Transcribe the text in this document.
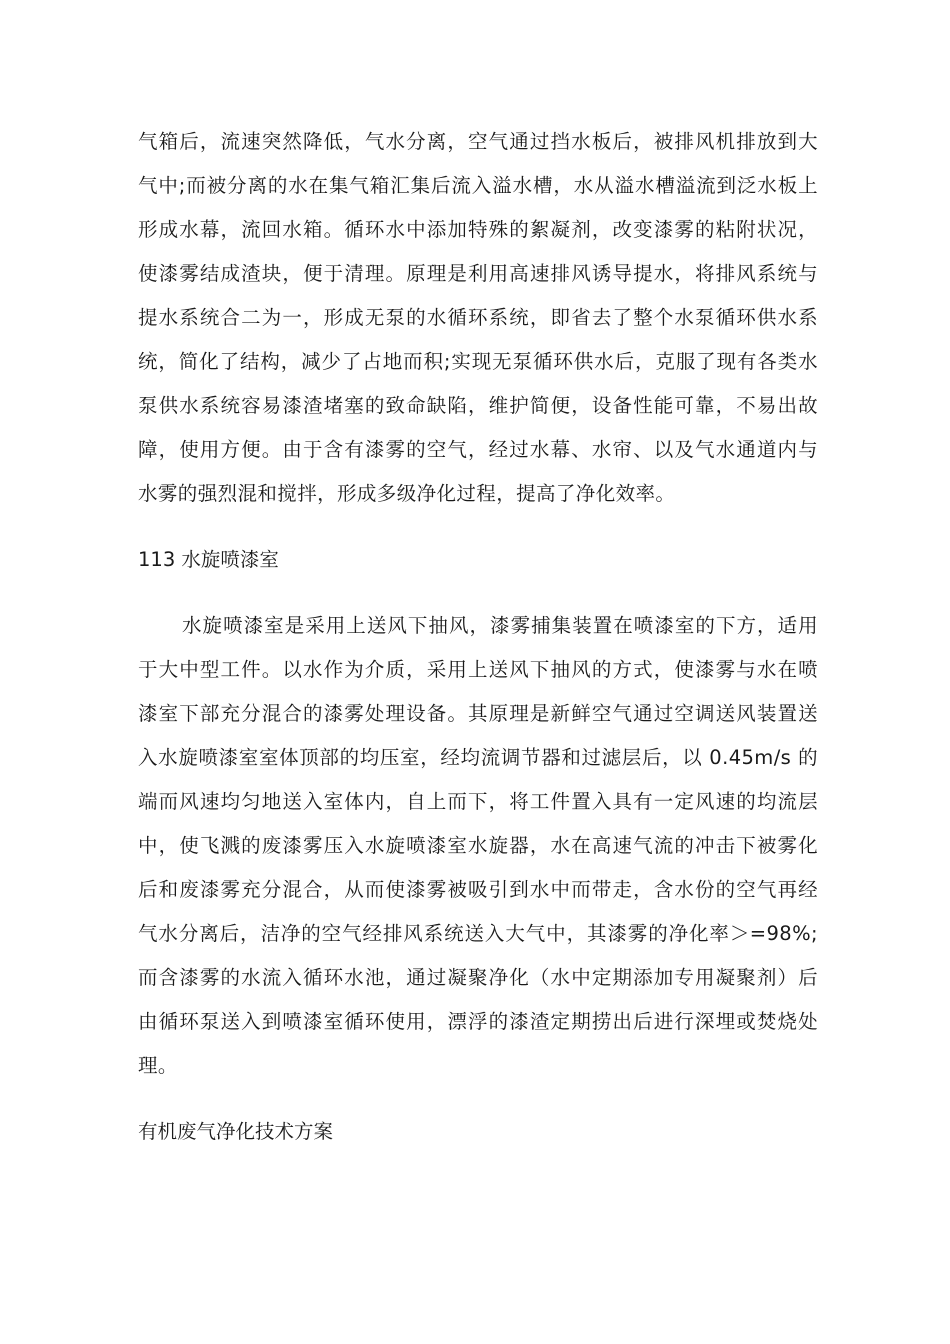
气箱后，流速突然降低，气水分离，空气通过挡水板后，被排风机排放到大
气中;而被分离的水在集气箱汇集后流入溢水槽，水从溢水槽溢流到泛水板上
形成水幕，流回水箱。循环水中添加特殊的絮凝剂，改变漆雾的粘附状况，
使漆雾结成渣块，便于清理。原理是利用高速排风诱导提水，将排风系统与
提水系统合二为一，形成无泵的水循环系统，即省去了整个水泵循环供水系
统，简化了结构，减少了占地而积;实现无泵循环供水后，克服了现有各类水
泵供水系统容易漆渣堵塞的致命缺陷，维护简便，设备性能可靠，不易出故
障，使用方便。由于含有漆雾的空气，经过水幕、水帘、以及气水通道内与
水雾的强烈混和搅拌，形成多级净化过程，提高了净化效率。
113 水旋喷漆室
水旋喷漆室是采用上送风下抽风，漆雾捕集装置在喷漆室的下方，适用
于大中型工件。以水作为介质，采用上送风下抽风的方式，使漆雾与水在喷
漆室下部充分混合的漆雾处理设备。其原理是新鲜空气通过空调送风装置送
入水旋喷漆室室体顶部的均压室，经均流调节器和过滤层后，以 0.45m/s 的
端而风速均匀地送入室体内，自上而下，将工件置入具有一定风速的均流层
中，使飞溅的废漆雾压入水旋喷漆室水旋器，水在高速气流的冲击下被雾化
后和废漆雾充分混合，从而使漆雾被吸引到水中而带走，含水份的空气再经
气水分离后，洁净的空气经排风系统送入大气中，其漆雾的净化率＞=98%;
而含漆雾的水流入循环水池，通过凝聚净化（水中定期添加专用凝聚剂）后
由循环泵送入到喷漆室循环使用，漂浮的漆渣定期捞出后进行深埋或焚烧处
理。
有机废气净化技术方案
